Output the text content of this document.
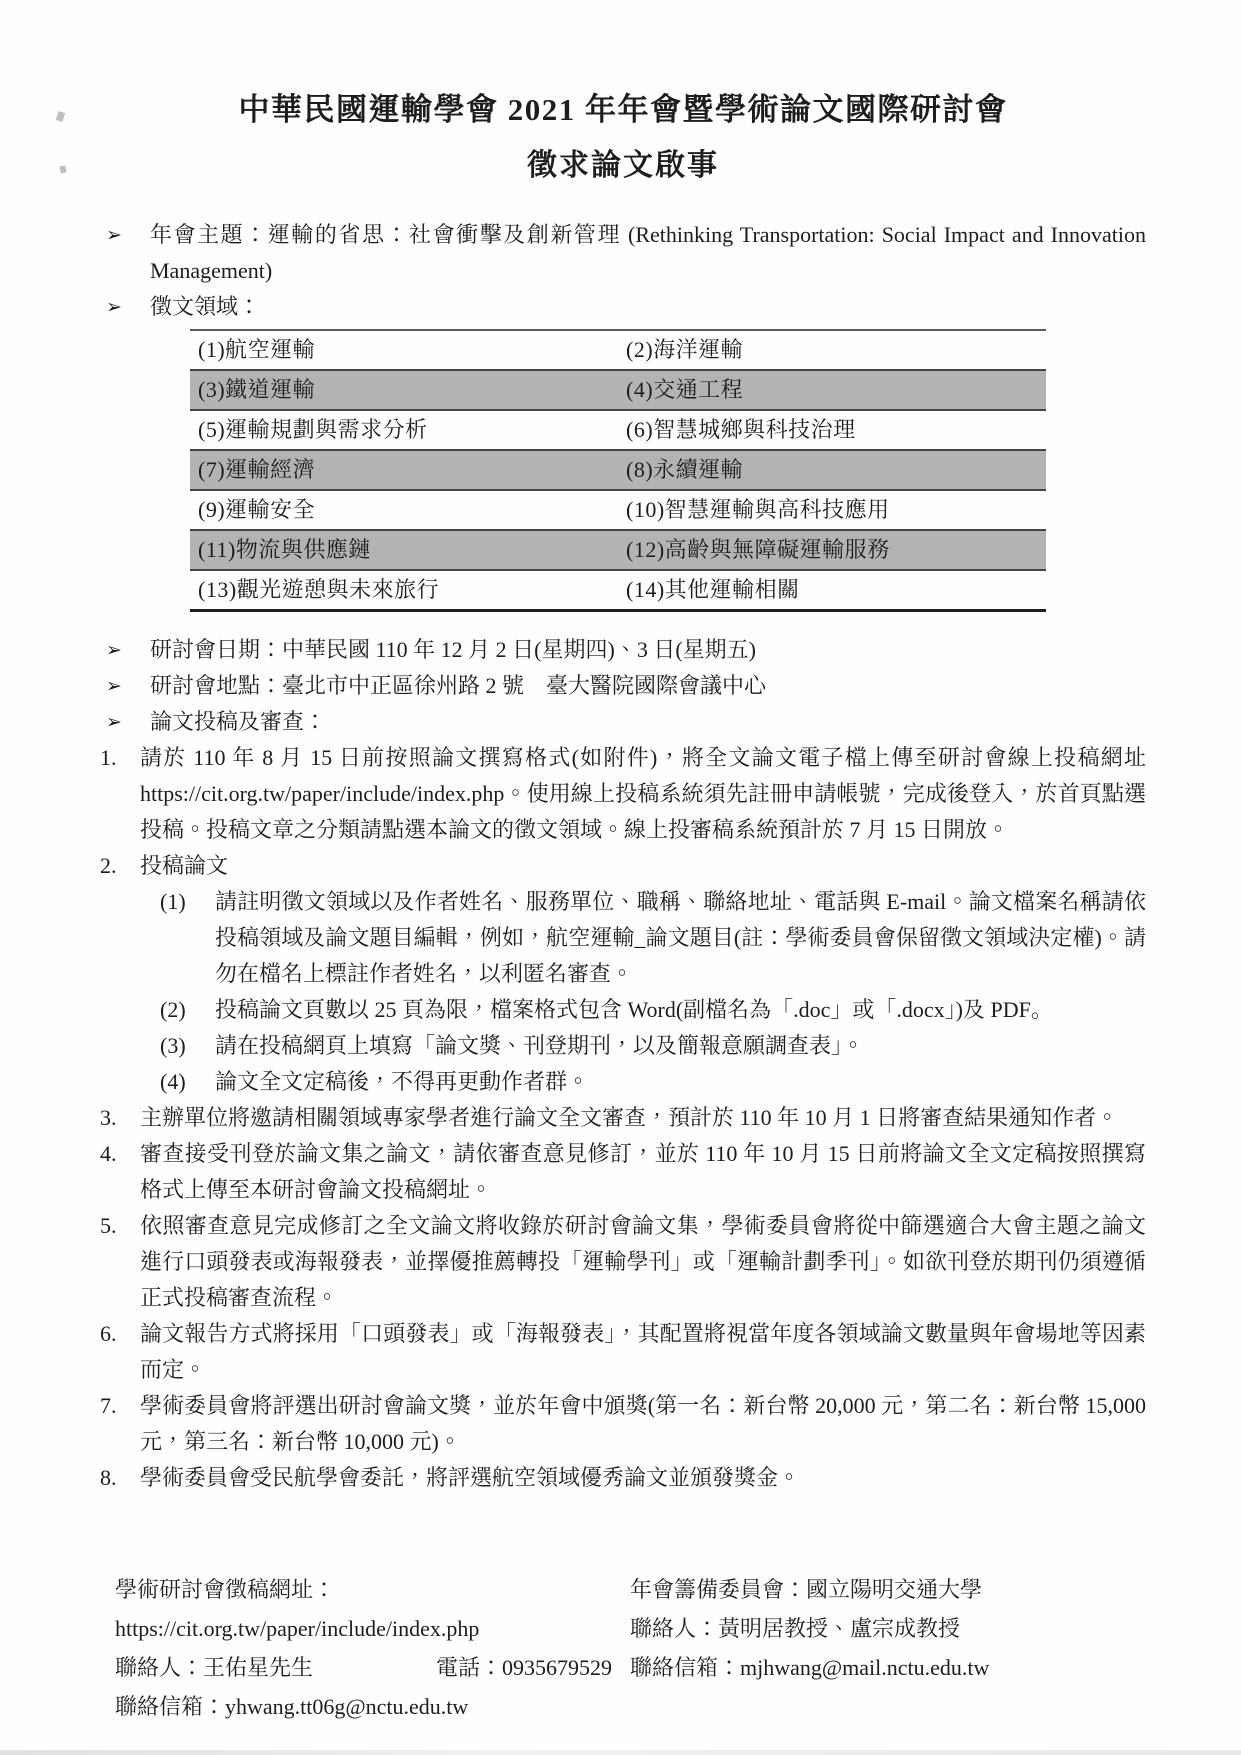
中華民國運輸學會 2021 年年會暨學術論文國際研討會
徵求論文啟事
➢	年會主題：運輸的省思：社會衝擊及創新管理 (Rethinking Transportation: Social Impact and Innovation Management)
➢	徵文領域：
(1)航空運輸	(2)海洋運輸
(3)鐵道運輸	(4)交通工程
(5)運輸規劃與需求分析	(6)智慧城鄉與科技治理
(7)運輸經濟	(8)永續運輸
(9)運輸安全	(10)智慧運輸與高科技應用
(11)物流與供應鏈	(12)高齡與無障礙運輸服務
(13)觀光遊憩與未來旅行	(14)其他運輸相關
➢	研討會日期：中華民國 110 年 12 月 2 日(星期四)、3 日(星期五)
➢	研討會地點：臺北市中正區徐州路 2 號　臺大醫院國際會議中心
➢	論文投稿及審查：
1.	請於 110 年 8 月 15 日前按照論文撰寫格式(如附件)，將全文論文電子檔上傳至研討會線上投稿網址 https://cit.org.tw/paper/include/index.php。使用線上投稿系統須先註冊申請帳號，完成後登入，於首頁點選投稿。投稿文章之分類請點選本論文的徵文領域。線上投審稿系統預計於 7 月 15 日開放。
2.	投稿論文
(1)	請註明徵文領域以及作者姓名、服務單位、職稱、聯絡地址、電話與 E-mail。論文檔案名稱請依投稿領域及論文題目編輯，例如，航空運輸_論文題目(註：學術委員會保留徵文領域決定權)。請勿在檔名上標註作者姓名，以利匿名審查。
(2)	投稿論文頁數以 25 頁為限，檔案格式包含 Word(副檔名為「.doc」或「.docx」)及 PDF。
(3)	請在投稿網頁上填寫「論文獎、刊登期刊，以及簡報意願調查表」。
(4)	論文全文定稿後，不得再更動作者群。
3.	主辦單位將邀請相關領域專家學者進行論文全文審查，預計於 110 年 10 月 1 日將審查結果通知作者。
4.	審查接受刊登於論文集之論文，請依審查意見修訂，並於 110 年 10 月 15 日前將論文全文定稿按照撰寫格式上傳至本研討會論文投稿網址。
5.	依照審查意見完成修訂之全文論文將收錄於研討會論文集，學術委員會將從中篩選適合大會主題之論文進行口頭發表或海報發表，並擇優推薦轉投「運輸學刊」或「運輸計劃季刊」。如欲刊登於期刊仍須遵循正式投稿審查流程。
6.	論文報告方式將採用「口頭發表」或「海報發表」，其配置將視當年度各領域論文數量與年會場地等因素而定。
7.	學術委員會將評選出研討會論文獎，並於年會中頒獎(第一名：新台幣 20,000 元，第二名：新台幣 15,000 元，第三名：新台幣 10,000 元)。
8.	學術委員會受民航學會委託，將評選航空領域優秀論文並頒發獎金。
學術研討會徵稿網址：
https://cit.org.tw/paper/include/index.php
聯絡人：王佑星先生	電話：0935679529
聯絡信箱：yhwang.tt06g@nctu.edu.tw
年會籌備委員會：國立陽明交通大學
聯絡人：黃明居教授、盧宗成教授
聯絡信箱：mjhwang@mail.nctu.edu.tw
